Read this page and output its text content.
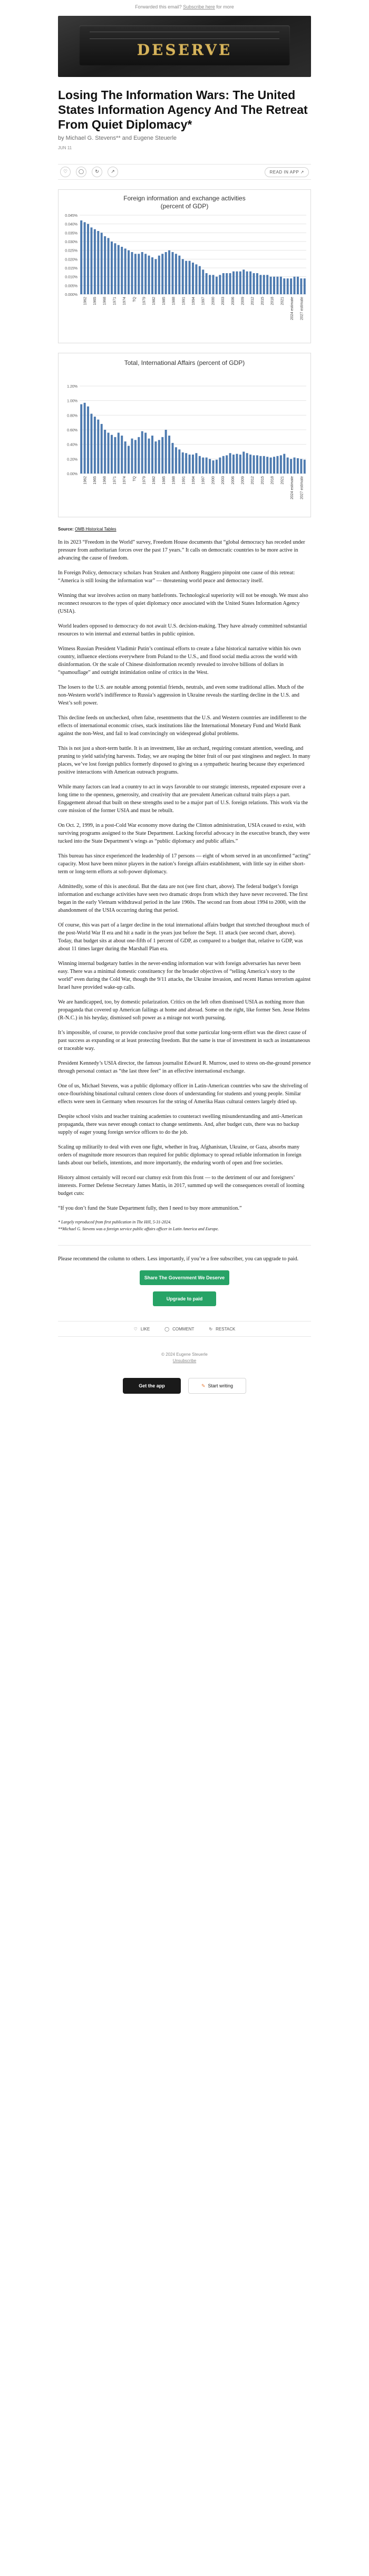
Forwarded this email? Subscribe here for more
DESERVE
Losing The Information Wars: The United States Information Agency And The Retreat From Quiet Diplomacy*
by Michael G. Stevens** and Eugene Steuerle
JUN 11
♡	◯	↻	↗	READ IN APP ↗
Foreign information and exchange activities
(percent of GDP)
0.000%
0.005%
0.010%
0.015%
0.020%
0.025%
0.030%
0.035%
0.040%
0.045%
1962 1965 1968 1971 1974 TQ 1979 1982 1985 1988 1991 1994 1997 2000 2003 2006 2009 2012 2015 2018 2021 2024 estimate 2027 estimate
Total, International Affairs (percent of GDP)
0.00%
0.20%
0.40%
0.60%
0.80%
1.00%
1.20%
1962 1965 1968 1971 1974 TQ 1979 1982 1985 1988 1991 1994 1997 2000 2003 2006 2009 2012 2015 2018 2021 2024 estimate 2027 estimate
Source: OMB Historical Tables

In its 2023 “Freedom in the World” survey, Freedom House documents that “global democracy has receded under pressure from authoritarian forces over the past 17 years.” It calls on democratic countries to be more active in advancing the cause of freedom.

In Foreign Policy, democracy scholars Ivan Straken and Anthony Ruggiero pinpoint one cause of this retreat: “America is still losing the information war” — threatening world peace and democracy itself.

Winning that war involves action on many battlefronts. Technological superiority will not be enough. We must also reconnect resources to the types of quiet diplomacy once associated with the United States Information Agency (USIA).

World leaders opposed to democracy do not await U.S. decision-making. They have already committed substantial resources to win internal and external battles in public opinion.

Witness Russian President Vladimir Putin’s continual efforts to create a false historical narrative within his own country, influence elections everywhere from Poland to the U.S., and flood social media across the world with disinformation. Or the scale of Chinese disinformation recently revealed to involve billions of dollars in “spamouflage” and outright intimidation online of critics in the West.

The losers to the U.S. are notable among potential friends, neutrals, and even some traditional allies. Much of the non-Western world’s indifference to Russia’s aggression in Ukraine reveals the startling decline in the U.S. and West’s soft power.

This decline feeds on unchecked, often false, resentments that the U.S. and Western countries are indifferent to the effects of international economic crises, stack institutions like the International Monetary Fund and World Bank against the non-West, and fail to lead convincingly on widespread global problems.

This is not just a short-term battle. It is an investment, like an orchard, requiring constant attention, weeding, and pruning to yield satisfying harvests. Today, we are reaping the bitter fruit of our past stinginess and neglect. In many places, we’ve lost foreign publics formerly disposed to giving us a sympathetic hearing because they experienced positive interactions with American outreach programs.

While many factors can lead a country to act in ways favorable to our strategic interests, repeated exposure over a long time to the openness, generosity, and creativity that are prevalent American cultural traits plays a part. Engagement abroad that built on these strengths used to be a major part of U.S. foreign relations. This work via the core mission of the former USIA and must be rebuilt.

On Oct. 2, 1999, in a post-Cold War economy move during the Clinton administration, USIA ceased to exist, with surviving programs assigned to the State Department. Lacking forceful advocacy in the executive branch, they were tucked into the State Department’s wings as “public diplomacy and public affairs.”

This bureau has since experienced the leadership of 17 persons — eight of whom served in an unconfirmed “acting” capacity. Most have been minor players in the nation’s foreign affairs establishment, with little say in either short-term or long-term efforts at soft-power diplomacy.

Admittedly, some of this is anecdotal. But the data are not (see first chart, above). The federal budget’s foreign information and exchange activities have seen two dramatic drops from which they have never recovered. The first began in the early Vietnam withdrawal period in the late 1960s. The second ran from about 1994 to 2000, with the abandonment of the USIA occurring during that period.

Of course, this was part of a larger decline in the total international affairs budget that stretched throughout much of the post-World War II era and hit a nadir in the years just before the Sept. 11 attack (see second chart, above). Today, that budget sits at about one-fifth of 1 percent of GDP, as compared to a budget that, relative to GDP, was about 11 times larger during the Marshall Plan era.

Winning internal budgetary battles in the never-ending information war with foreign adversaries has never been easy. There was a minimal domestic constituency for the broader objectives of “telling America’s story to the world” even during the Cold War, though the 9/11 attacks, the Ukraine invasion, and recent Hamas terrorism against Israel have provided wake-up calls.

We are handicapped, too, by domestic polarization. Critics on the left often dismissed USIA as nothing more than propaganda that covered up American failings at home and abroad. Some on the right, like former Sen. Jesse Helms (R-N.C.) in his heyday, dismissed soft power as a mirage not worth pursuing.

It’s impossible, of course, to provide conclusive proof that some particular long-term effort was the direct cause of past success as expanding or at least protecting freedom. But the same is true of investment in such as instantaneous or traceable way.

President Kennedy’s USIA director, the famous journalist Edward R. Murrow, used to stress on-the-ground presence through personal contact as “the last three feet” in an effective international exchange.

One of us, Michael Stevens, was a public diplomacy officer in Latin-American countries who saw the shriveling of once-flourishing binational cultural centers close doors of understanding for students and young people. Similar effects were seen in Germany when resources for the string of Amerika Haus cultural centers largely dried up.

Despite school visits and teacher training academies to counteract swelling misunderstanding and anti-American propaganda, there was never enough contact to change sentiments. And, after budget cuts, there was no backup supply of eager young foreign service officers to do the job.

Scaling up militarily to deal with even one fight, whether in Iraq, Afghanistan, Ukraine, or Gaza, absorbs many orders of magnitude more resources than required for public diplomacy to spread reliable information in foreign lands about our beliefs, intentions, and more importantly, the enduring worth of open and free societies.

History almost certainly will record our clumsy exit from this front — to the detriment of our and foreigners’ interests. Former Defense Secretary James Mattis, in 2017, summed up well the consequences overall of looming budget cuts:

“If you don’t fund the State Department fully, then I need to buy more ammunition.”

* Largely reproduced from first publication in The Hill, 5-31-2024.
**Michael G. Stevens was a foreign service public affairs officer in Latin America and Europe.

Please recommend the column to others. Less importantly, if you’re a free subscriber, you can upgrade to paid.

Share The Government We Deserve
Upgrade to paid
♡ LIKE	◯ COMMENT	↻ RESTACK
© 2024 Eugene Steuerle
Unsubscribe
Get the app	✎ Start writing
